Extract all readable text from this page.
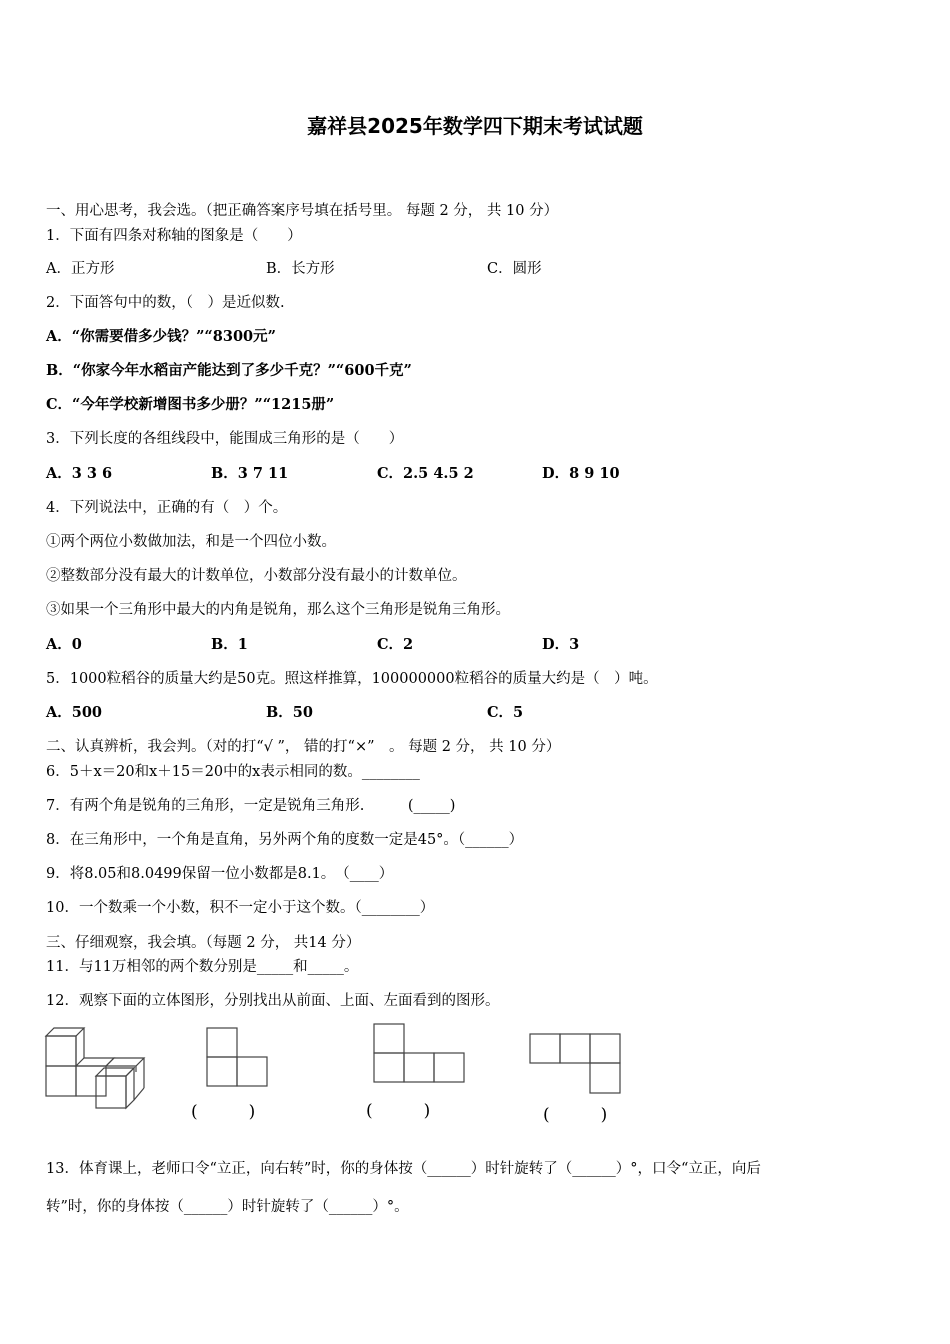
嘉祥县2025年数学四下期末考试试题
一、用心思考，我会选。（把正确答案序号填在括号里。 每题 2 分， 共 10 分）
1．下面有四条对称轴的图象是（　　）
A．正方形	B．长方形	C．圆形
2．下面答句中的数，（　）是近似数.
A．“你需要借多少钱？”“8300元”
B．“你家今年水稻亩产能达到了多少千克？”“600千克”
C．“今年学校新增图书多少册？”“1215册”
3．下列长度的各组线段中，能围成三角形的是（　　）
A．3 3 6	B．3 7 11	C．2.5 4.5 2	D．8 9 10
4．下列说法中，正确的有（　）个。
①两个两位小数做加法，和是一个四位小数。
②整数部分没有最大的计数单位，小数部分没有最小的计数单位。
③如果一个三角形中最大的内角是锐角，那么这个三角形是锐角三角形。
A．0	B．1	C．2	D．3
5．1000粒稻谷的质量大约是50克。照这样推算，100000000粒稻谷的质量大约是（　）吨。
A．500	B．50	C．5
二、认真辨析，我会判。（对的打“√ ”， 错的打“×”　。 每题 2 分， 共 10 分）
6．5＋x＝20和x＋15＝20中的x表示相同的数。________
7．有两个角是锐角的三角形，一定是锐角三角形.　　　(_____)
8．在三角形中，一个角是直角，另外两个角的度数一定是45°。（______）
9．将8.05和8.0499保留一位小数都是8.1。　（____）
10．一个数乘一个小数，积不一定小于这个数。（________）
三、仔细观察，我会填。（每题 2 分， 共14 分）
11．与11万相邻的两个数分别是_____和_____。
12．观察下面的立体图形，分别找出从前面、上面、左面看到的图形。
(　　　)	(　　　)	(　　　)
13．体育课上，老师口令“立正，向右转”时，你的身体按（______）时针旋转了（______）°，口令“立正，向后
转”时，你的身体按（______）时针旋转了（______）°。
